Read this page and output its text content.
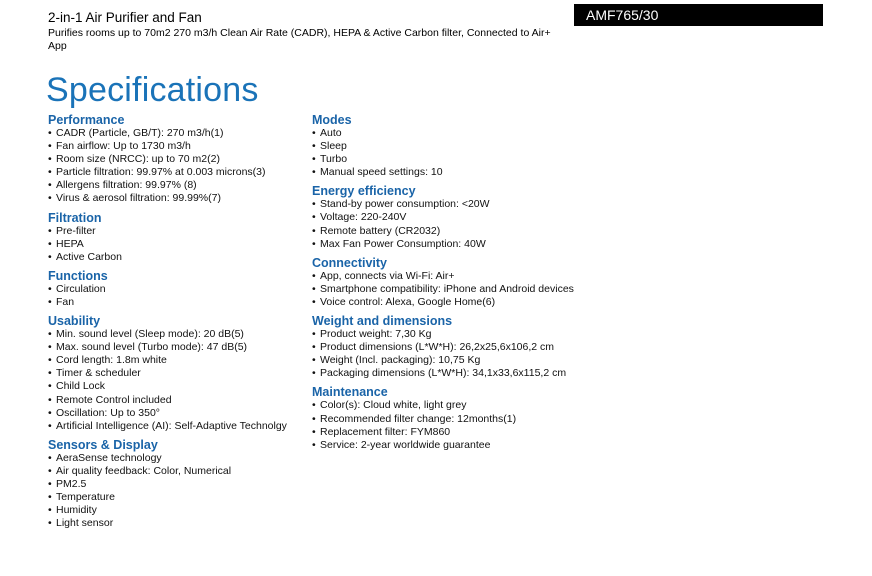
2-in-1 Air Purifier and Fan
Purifies rooms up to 70m2 270 m3/h Clean Air Rate (CADR), HEPA & Active Carbon filter, Connected to Air+ App
AMF765/30
Specifications
Performance
• CADR (Particle, GB/T): 270 m3/h(1)
• Fan airflow: Up to 1730 m3/h
• Room size (NRCC): up to 70 m2(2)
• Particle filtration: 99.97% at 0.003 microns(3)
• Allergens filtration: 99.97% (8)
• Virus & aerosol filtration: 99.99%(7)
Filtration
• Pre-filter
• HEPA
• Active Carbon
Functions
• Circulation
• Fan
Usability
• Min. sound level (Sleep mode): 20 dB(5)
• Max. sound level (Turbo mode): 47 dB(5)
• Cord length: 1.8m white
• Timer & scheduler
• Child Lock
• Remote Control included
• Oscillation: Up to 350°
• Artificial Intelligence (AI): Self-Adaptive Technolgy
Sensors & Display
• AeraSense technology
• Air quality feedback: Color, Numerical
• PM2.5
• Temperature
• Humidity
• Light sensor
Modes
• Auto
• Sleep
• Turbo
• Manual speed settings: 10
Energy efficiency
• Stand-by power consumption: <20W
• Voltage: 220-240V
• Remote battery (CR2032)
• Max Fan Power Consumption: 40W
Connectivity
• App, connects via Wi-Fi: Air+
• Smartphone compatibility: iPhone and Android devices
• Voice control: Alexa, Google Home(6)
Weight and dimensions
• Product weight: 7,30 Kg
• Product dimensions (L*W*H): 26,2x25,6x106,2 cm
• Weight (Incl. packaging): 10,75 Kg
• Packaging dimensions (L*W*H): 34,1x33,6x115,2 cm
Maintenance
• Color(s): Cloud white, light grey
• Recommended filter change: 12months(1)
• Replacement filter: FYM860
• Service: 2-year worldwide guarantee
